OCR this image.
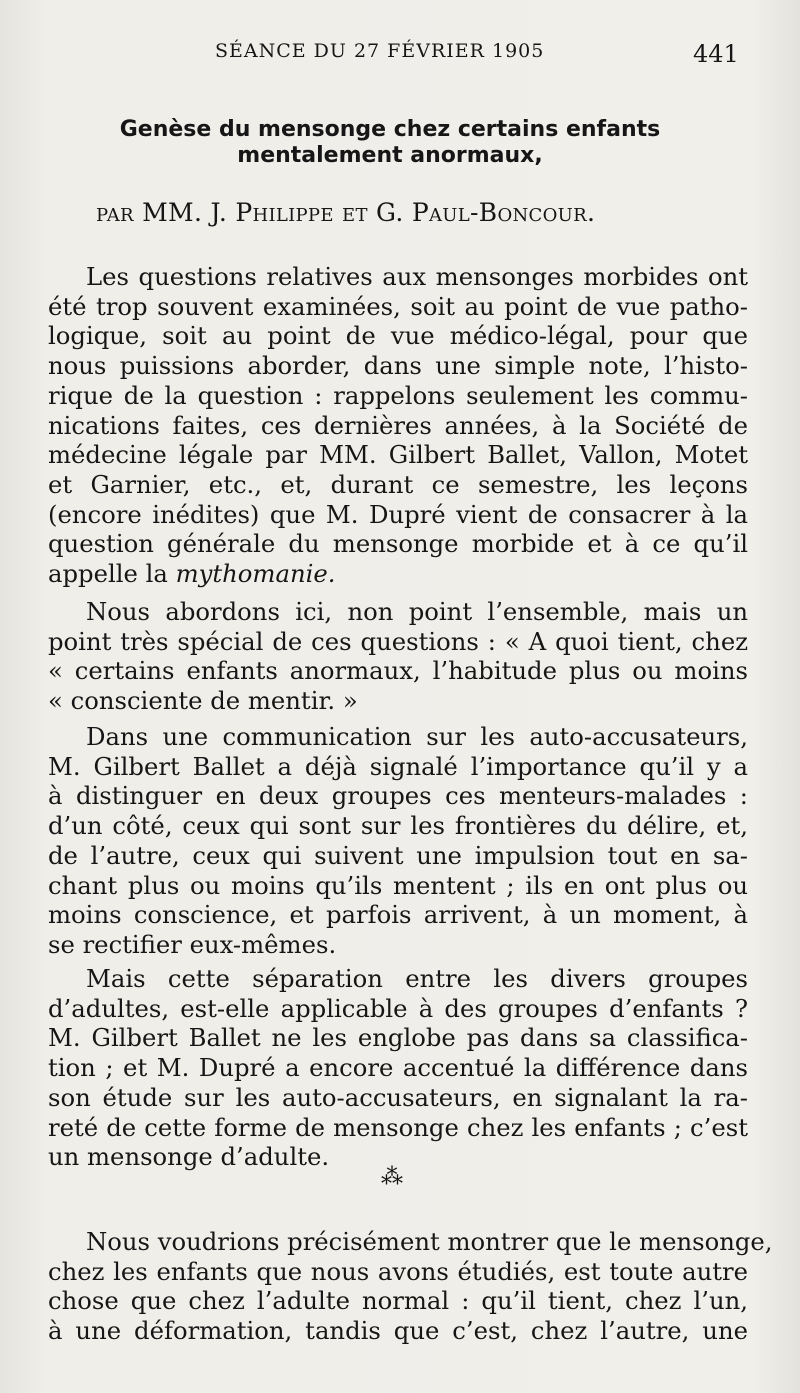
SÉANCE DU 27 FÉVRIER 1905	441
Genèse du mensonge chez certains enfants
mentalement anormaux,
par MM. J. Philippe et G. Paul-Boncour.
Les questions relatives aux mensonges morbides ont
été trop souvent examinées, soit au point de vue patho-
logique, soit au point de vue médico-légal, pour que
nous puissions aborder, dans une simple note, l’histo-
rique de la question : rappelons seulement les commu-
nications faites, ces dernières années, à la Société de
médecine légale par MM. Gilbert Ballet, Vallon, Motet
et Garnier, etc., et, durant ce semestre, les leçons
(encore inédites) que M. Dupré vient de consacrer à la
question générale du mensonge morbide et à ce qu’il
appelle la mythomanie.
Nous abordons ici, non point l’ensemble, mais un
point très spécial de ces questions : « A quoi tient, chez
« certains enfants anormaux, l’habitude plus ou moins
« consciente de mentir. »
Dans une communication sur les auto-accusateurs,
M. Gilbert Ballet a déjà signalé l’importance qu’il y a
à distinguer en deux groupes ces menteurs-malades :
d’un côté, ceux qui sont sur les frontières du délire, et,
de l’autre, ceux qui suivent une impulsion tout en sa-
chant plus ou moins qu’ils mentent ; ils en ont plus ou
moins conscience, et parfois arrivent, à un moment, à
se rectifier eux-mêmes.
Mais cette séparation entre les divers groupes
d’adultes, est-elle applicable à des groupes d’enfants ?
M. Gilbert Ballet ne les englobe pas dans sa classifica-
tion ; et M. Dupré a encore accentué la différence dans
son étude sur les auto-accusateurs, en signalant la ra-
reté de cette forme de mensonge chez les enfants ; c’est
un mensonge d’adulte.
⁂
Nous voudrions précisément montrer que le mensonge,
chez les enfants que nous avons étudiés, est toute autre
chose que chez l’adulte normal : qu’il tient, chez l’un,
à une déformation, tandis que c’est, chez l’autre, une
